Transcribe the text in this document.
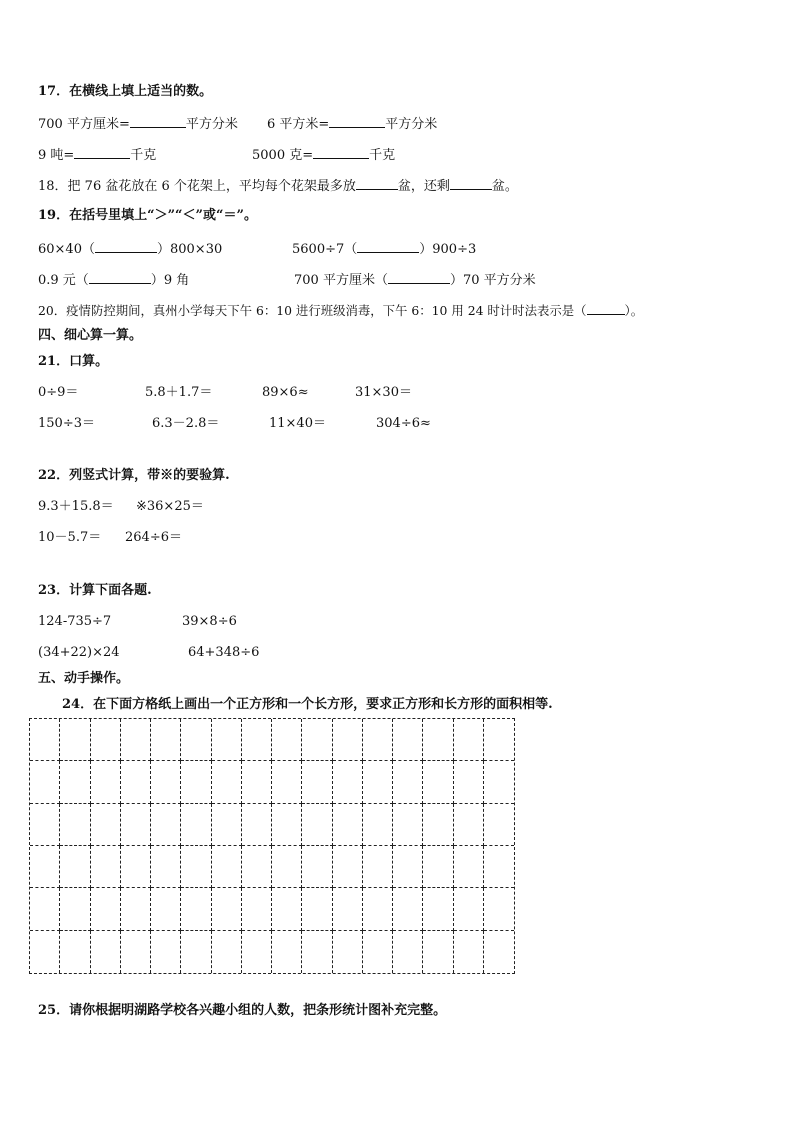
17．在横线上填上适当的数。
700 平方厘米=	平方分米 6 平方米=	平方分米
9 吨=	千克	5000 克=	千克
18．把 76 盆花放在 6 个花架上，平均每个花架最多放	盆，还剩	盆。
19．在括号里填上“＞”“＜”或“＝”。
60×40（	）800×30	5600÷7（	）900÷3
0.9 元（	）9 角	700 平方厘米（	）70 平方分米
20．疫情防控期间，真州小学每天下午 6：10 进行班级消毒，下午 6：10 用 24 时计时法表示是（	）。
四、细心算一算。
21．口算。
0÷9＝	5.8＋1.7＝	89×6≈	31×30＝
150÷3＝	6.3－2.8＝	11×40＝	304÷6≈
22．列竖式计算，带※的要验算.
9.3＋15.8＝ ※36×25＝
10－5.7＝ 264÷6＝
23．计算下面各题.
124-735÷7	39×8÷6
(34+22)×24	64+348÷6
五、动手操作。
24．在下面方格纸上画出一个正方形和一个长方形，要求正方形和长方形的面积相等.
25．请你根据明湖路学校各兴趣小组的人数，把条形统计图补充完整。
